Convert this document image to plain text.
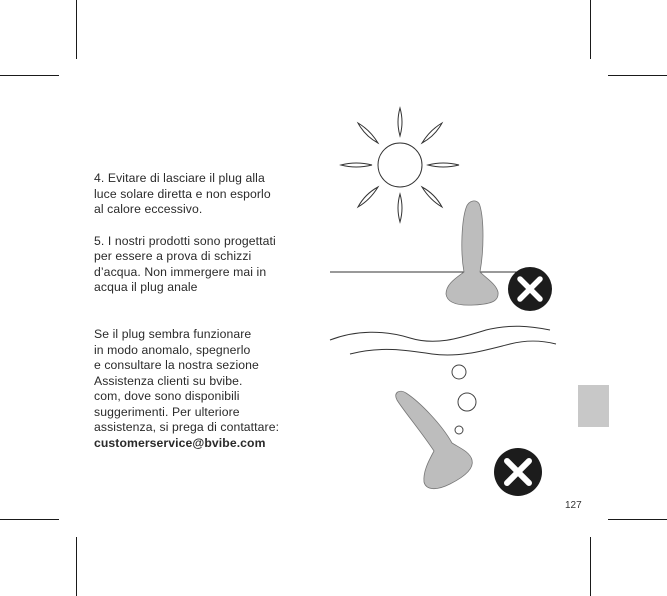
4. Evitare di lasciare il plug alla
luce solare diretta e non esporlo
al calore eccessivo.

5. I nostri prodotti sono progettati
per essere a prova di schizzi
d’acqua. Non immergere mai in
acqua il plug anale

Se il plug sembra funzionare
in modo anomalo, spegnerlo
e consultare la nostra sezione
Assistenza clienti su bvibe.
com, dove sono disponibili
suggerimenti. Per ulteriore
assistenza, si prega di contattare:

customerservice@bvibe.com

127
